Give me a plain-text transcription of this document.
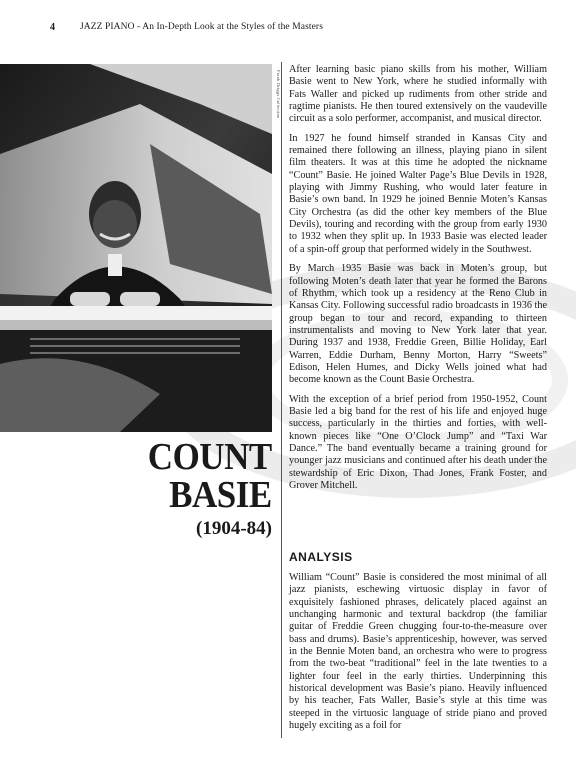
4	JAZZ PIANO - An In-Depth Look at the Styles of the Masters
Frank Driggs Collection
COUNT
BASIE
(1904-84)

After learning basic piano skills from his mother, William Basie went to New York, where he studied informally with Fats Waller and picked up rudiments from other stride and ragtime pianists. He then toured extensively on the vaudeville circuit as a solo performer, accompanist, and musical director.

In 1927 he found himself stranded in Kansas City and remained there following an illness, playing piano in silent film theaters. It was at this time he adopted the nickname “Count” Basie. He joined Walter Page’s Blue Devils in 1928, playing with Jimmy Rushing, who would later feature in Basie’s own band. In 1929 he joined Bennie Moten’s Kansas City Orchestra (as did the other key members of the Blue Devils), touring and recording with the group from early 1930 to 1932 when they split up. In 1933 Basie was elected leader of a spin-off group that performed widely in the Southwest.

By March 1935 Basie was back in Moten’s group, but following Moten’s death later that year he formed the Barons of Rhythm, which took up a residency at the Reno Club in Kansas City. Following successful radio broadcasts in 1936 the group began to tour and record, expanding to thirteen instrumentalists and moving to New York later that year. During 1937 and 1938, Freddie Green, Billie Holiday, Earl Warren, Eddie Durham, Benny Morton, Harry “Sweets” Edison, Helen Humes, and Dicky Wells joined what had become known as the Count Basie Orchestra.

With the exception of a brief period from 1950-1952, Count Basie led a big band for the rest of his life and enjoyed huge success, particularly in the thirties and forties, with well-known pieces like “One O’Clock Jump” and “Taxi War Dance.” The band eventually became a training ground for younger jazz musicians and continued after his death under the stewardship of Eric Dixon, Thad Jones, Frank Foster, and Grover Mitchell.

ANALYSIS

William “Count” Basie is considered the most minimal of all jazz pianists, eschewing virtuosic display in favor of exquisitely fashioned phrases, delicately placed against an unchanging harmonic and textural backdrop (the familiar guitar of Freddie Green chugging four-to-the-measure over bass and drums). Basie’s apprenticeship, however, was served in the Bennie Moten band, an orchestra who were to progress from the two-beat “traditional” feel in the late twenties to a lighter four feel in the early thirties. Underpinning this historical development was Basie’s piano. Heavily influenced by his teacher, Fats Waller, Basie’s style at this time was steeped in the virtuosic language of stride piano and proved hugely exciting as a foil for
